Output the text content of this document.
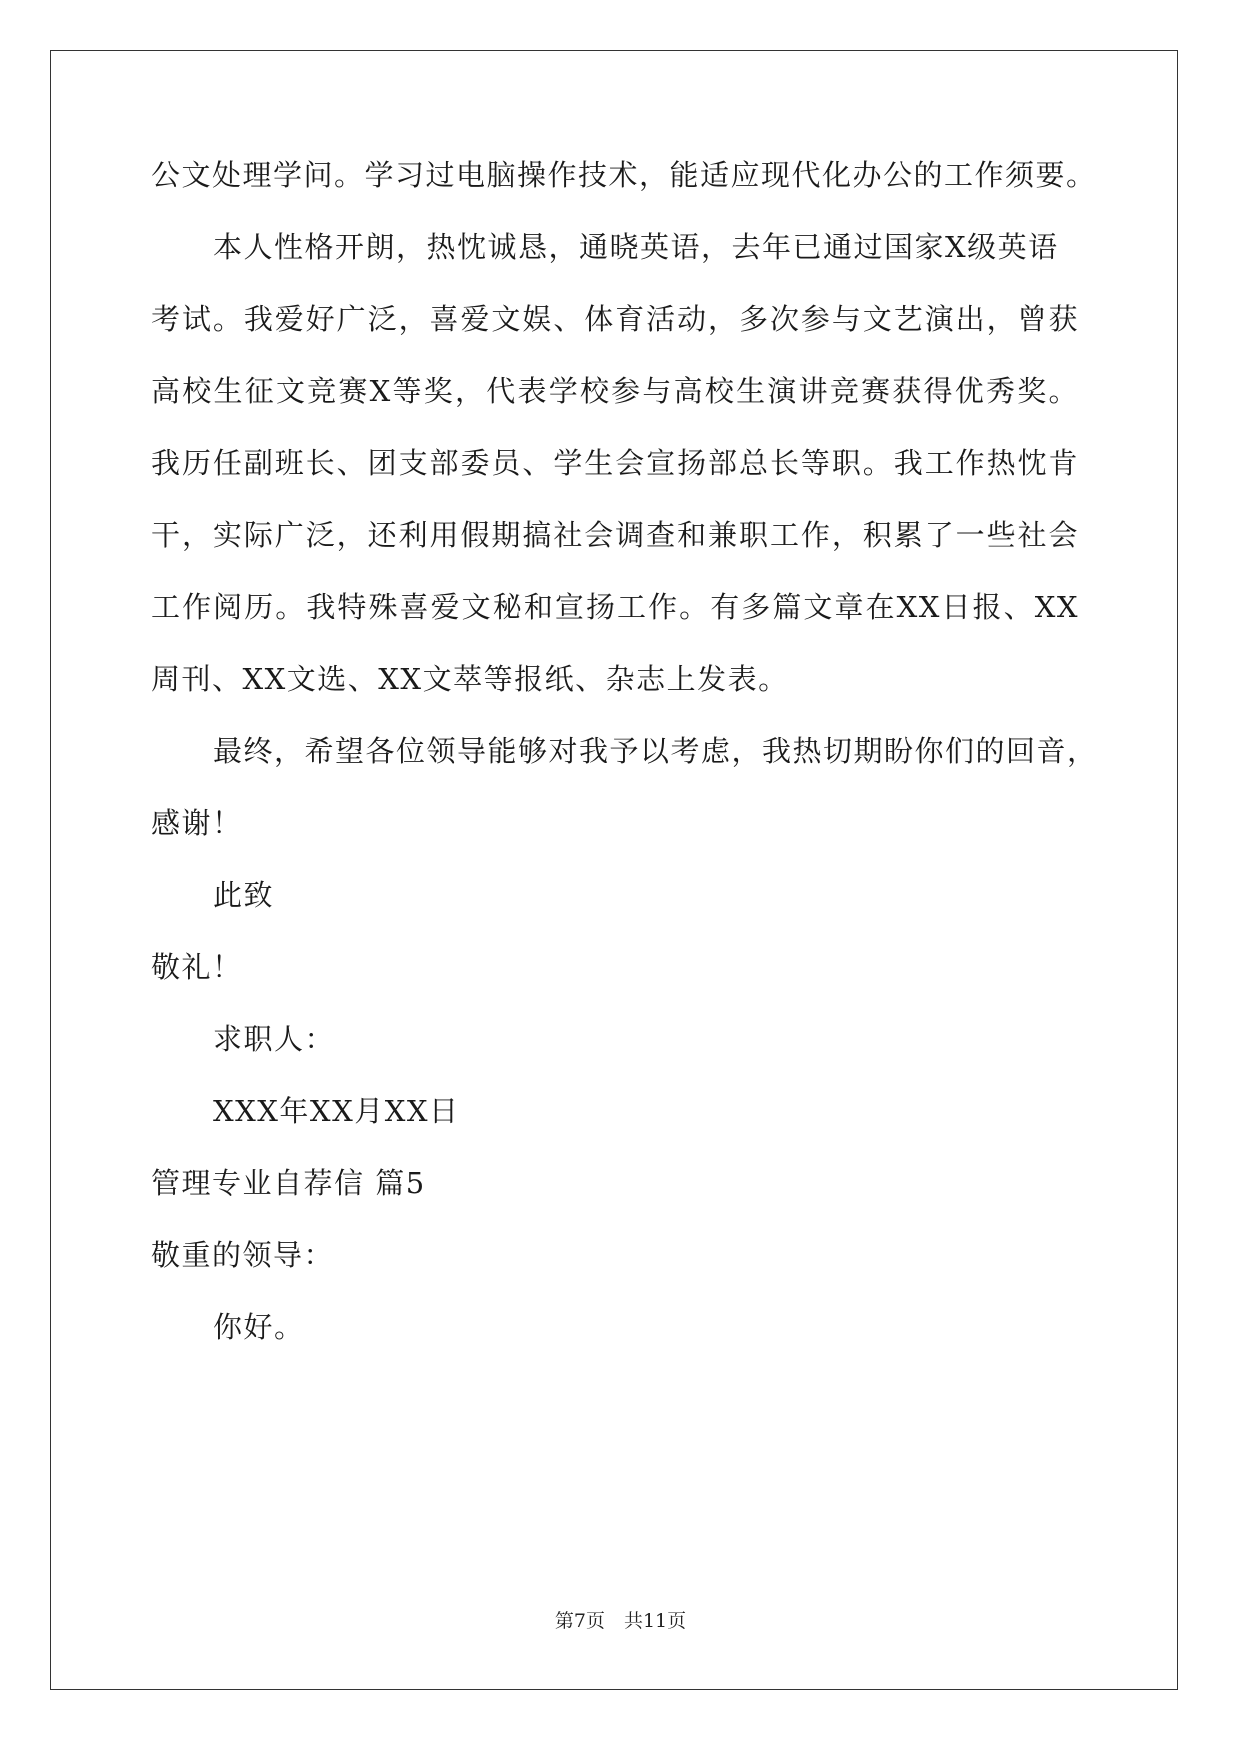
公文处理学问。学习过电脑操作技术，能适应现代化办公的工作须要。
本人性格开朗，热忱诚恳，通晓英语，去年已通过国家X级英语
考试。我爱好广泛，喜爱文娱、体育活动，多次参与文艺演出，曾获
高校生征文竞赛X等奖，代表学校参与高校生演讲竞赛获得优秀奖。
我历任副班长、团支部委员、学生会宣扬部总长等职。我工作热忱肯
干，实际广泛，还利用假期搞社会调查和兼职工作，积累了一些社会
工作阅历。我特殊喜爱文秘和宣扬工作。有多篇文章在XX日报、XX
周刊、XX文选、XX文萃等报纸、杂志上发表。
最终，希望各位领导能够对我予以考虑，我热切期盼你们的回音，
感谢！
此致
敬礼！
求职人：
XXX年XX月XX日
管理专业自荐信 篇5
敬重的领导：
你好。
第7页　共11页
